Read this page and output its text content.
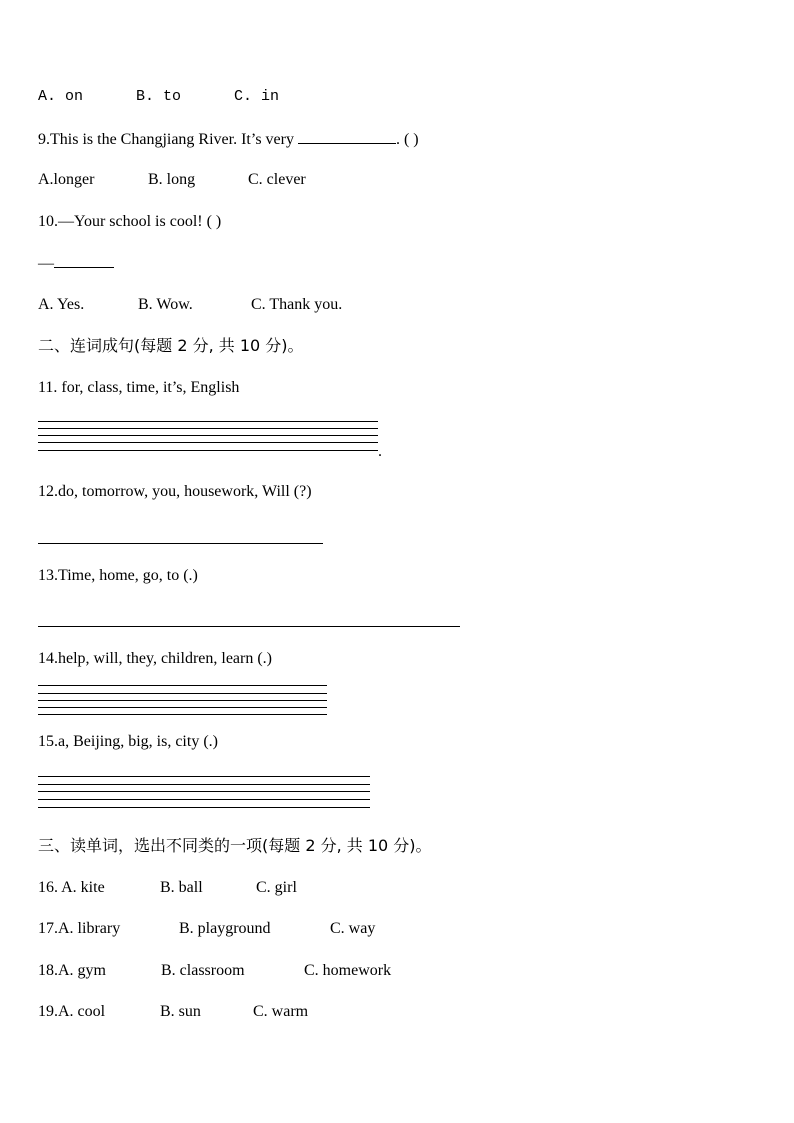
A. on	B. to	C. in
9.This is the Changjiang River. It’s very	. ( )
A.longer	B. long	C. clever
10.—Your school is cool! ( )
—
A. Yes.	B. Wow.	C. Thank you.
二、连词成句(每题 2 分, 共 10 分)。
11. for, class, time, it’s, English
.
12.do, tomorrow, you, housework, Will (?)
13.Time, home, go, to (.)
14.help, will, they, children, learn (.)
15.a, Beijing, big, is, city (.)
三、读单词，选出不同类的一项(每题 2 分, 共 10 分)。
16. A. kite	B. ball	C. girl
17.A. library	B. playground	C. way
18.A. gym	B. classroom	C. homework
19.A. cool	B. sun	C. warm
